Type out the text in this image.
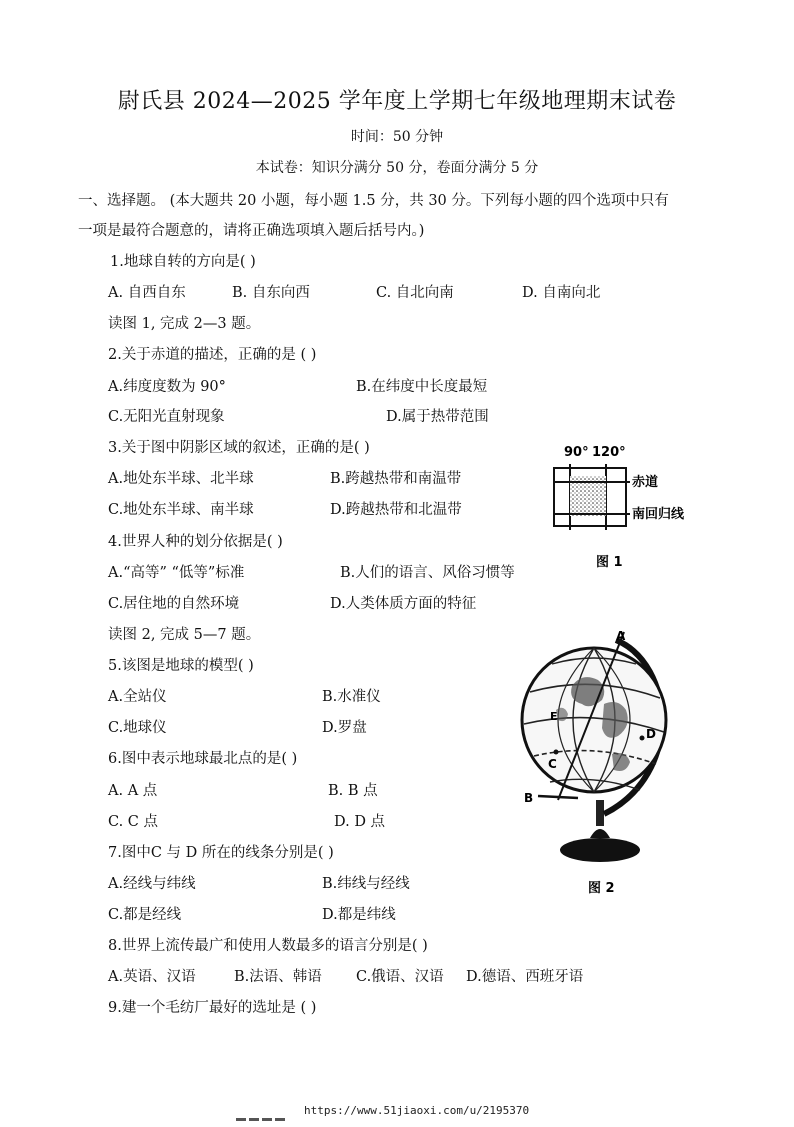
尉氏县 2024—2025 学年度上学期七年级地理期末试卷
时间：50 分钟
本试卷：知识分满分 50 分，卷面分满分 5 分
一、选择题。 (本大题共 20 小题，每小题 1.5 分，共 30 分。下列每小题的四个选项中只有
一项是最符合题意的，请将正确选项填入题后括号内。)
1.地球自转的方向是( )
A. 自西自东	B. 自东向西	C. 自北向南	D. 自南向北
读图 1, 完成 2—3 题。
2.关于赤道的描述，正确的是 ( )
A.纬度度数为 90°	B.在纬度中长度最短
C.无阳光直射现象	D.属于热带范围
3.关于图中阴影区域的叙述，正确的是( )
A.地处东半球、北半球	B.跨越热带和南温带
C.地处东半球、南半球	D.跨越热带和北温带
4.世界人种的划分依据是( )
A.“高等” “低等”标准	B.人们的语言、风俗习惯等
C.居住地的自然环境	D.人类体质方面的特征
读图 2, 完成 5—7 题。
5.该图是地球的模型( )
A.全站仪	B.水准仪
C.地球仪	D.罗盘
6.图中表示地球最北点的是( )
A. A 点	B. B 点
C. C 点	D. D 点
7.图中C 与 D 所在的线条分别是( )
A.经线与纬线	B.纬线与经线
C.都是经线	D.都是纬线
8.世界上流传最广和使用人数最多的语言分别是( )
A.英语、汉语	B.法语、韩语 C.俄语、汉语 D.德语、西班牙语
9.建一个毛纺厂最好的选址是 ( )
90° 120°
赤道
南回归线
图 1
A
B
C
D
E
图 2
https://www.51jiaoxi.com/u/2195370
